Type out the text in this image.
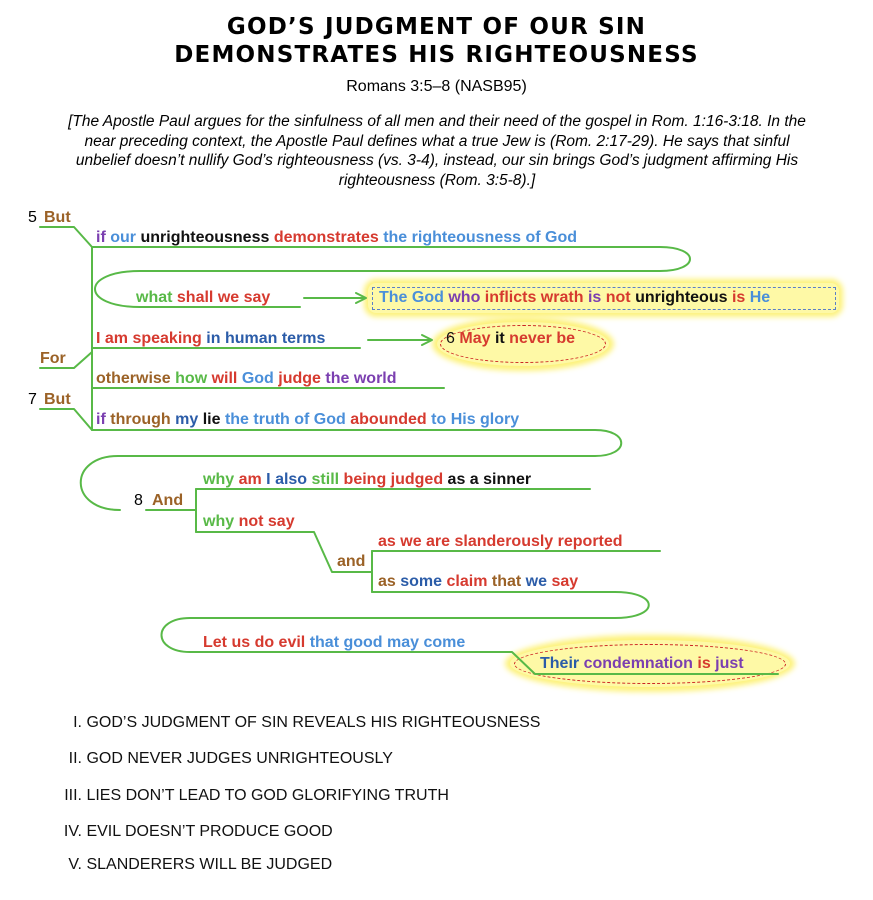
GOD’S JUDGMENT OF OUR SIN
DEMONSTRATES HIS RIGHTEOUSNESS
Romans 3:5–8 (NASB95)
[The Apostle Paul argues for the sinfulness of all men and their need of the gospel in Rom. 1:16-3:18. In the near preceding context, the Apostle Paul defines what a true Jew is (Rom. 2:17-29). He says that sinful unbelief doesn’t nullify God’s righteousness (vs. 3-4), instead, our sin brings God’s judgment affirming His righteousness (Rom. 3:5-8).]
5 But
if our unrighteousness demonstrates the righteousness of God
what shall we say	The God who inflicts wrath is not unrighteous is He
I am speaking in human terms	6 May it never be
For
otherwise how will God judge the world
7 But
if through my lie the truth of God abounded to His glory
8 And
why am I also still being judged as a sinner
why not say
and
as we are slanderously reported
as some claim that we say
Let us do evil that good may come
Their condemnation is just
I. GOD’S JUDGMENT OF SIN REVEALS HIS RIGHTEOUSNESS
II. GOD NEVER JUDGES UNRIGHTEOUSLY
III. LIES DON’T LEAD TO GOD GLORIFYING TRUTH
IV. EVIL DOESN’T PRODUCE GOOD
V. SLANDERERS WILL BE JUDGED
